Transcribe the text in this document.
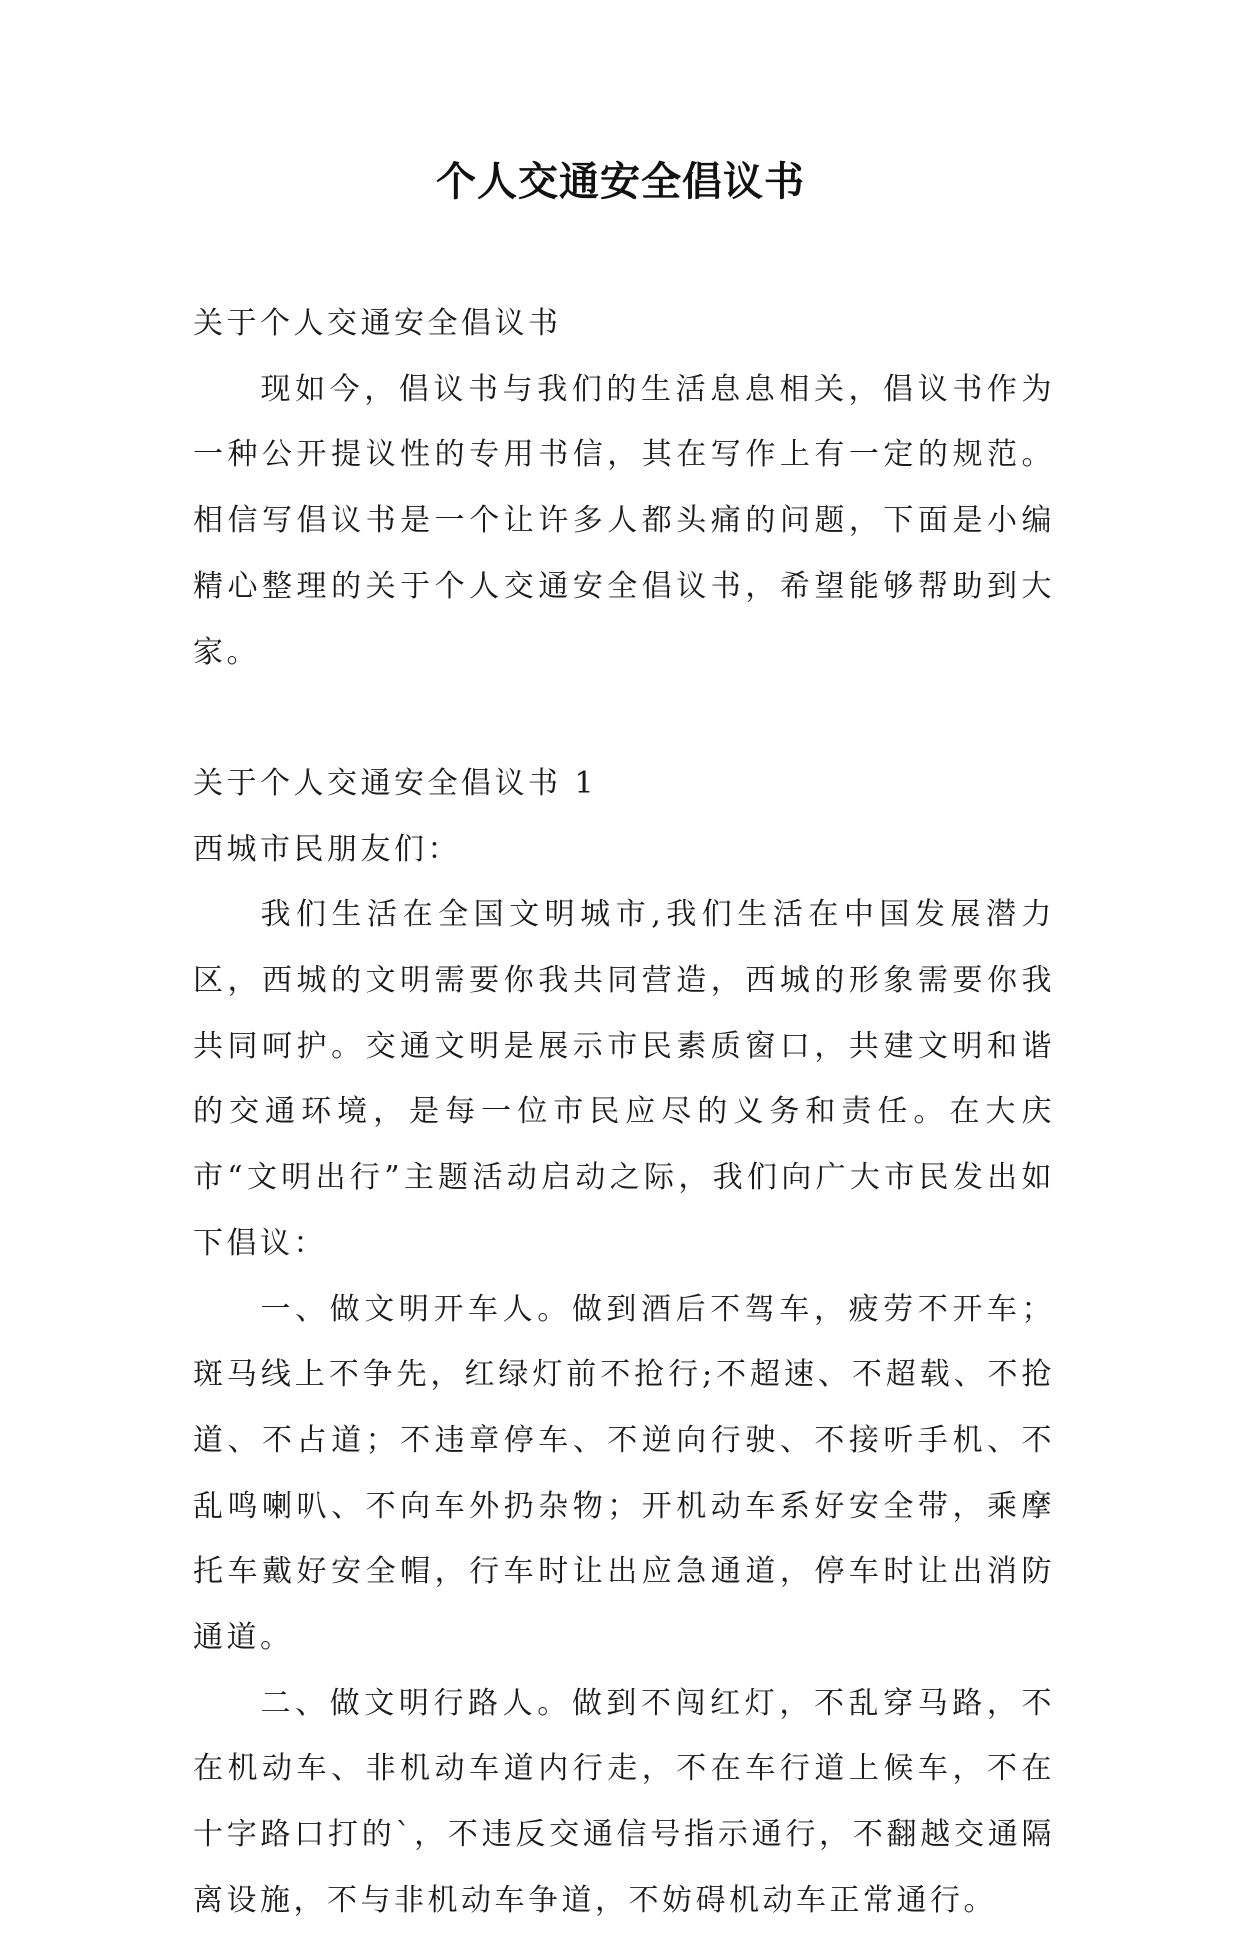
个人交通安全倡议书

关于个人交通安全倡议书

现如今，倡议书与我们的生活息息相关，倡议书作为一种公开提议性的专用书信，其在写作上有一定的规范。相信写倡议书是一个让许多人都头痛的问题，下面是小编精心整理的关于个人交通安全倡议书，希望能够帮助到大家。

关于个人交通安全倡议书 1

西城市民朋友们：

我们生活在全国文明城市,我们生活在中国发展潜力区，西城的文明需要你我共同营造，西城的形象需要你我共同呵护。交通文明是展示市民素质窗口，共建文明和谐的交通环境，是每一位市民应尽的义务和责任。在大庆市“文明出行”主题活动启动之际，我们向广大市民发出如下倡议：

一、做文明开车人。做到酒后不驾车，疲劳不开车；斑马线上不争先，红绿灯前不抢行;不超速、不超载、不抢道、不占道；不违章停车、不逆向行驶、不接听手机、不乱鸣喇叭、不向车外扔杂物；开机动车系好安全带，乘摩托车戴好安全帽，行车时让出应急通道，停车时让出消防通道。

二、做文明行路人。做到不闯红灯，不乱穿马路，不在机动车、非机动车道内行走，不在车行道上候车，不在十字路口打的`，不违反交通信号指示通行，不翻越交通隔离设施，不与非机动车争道，不妨碍机动车正常通行。
